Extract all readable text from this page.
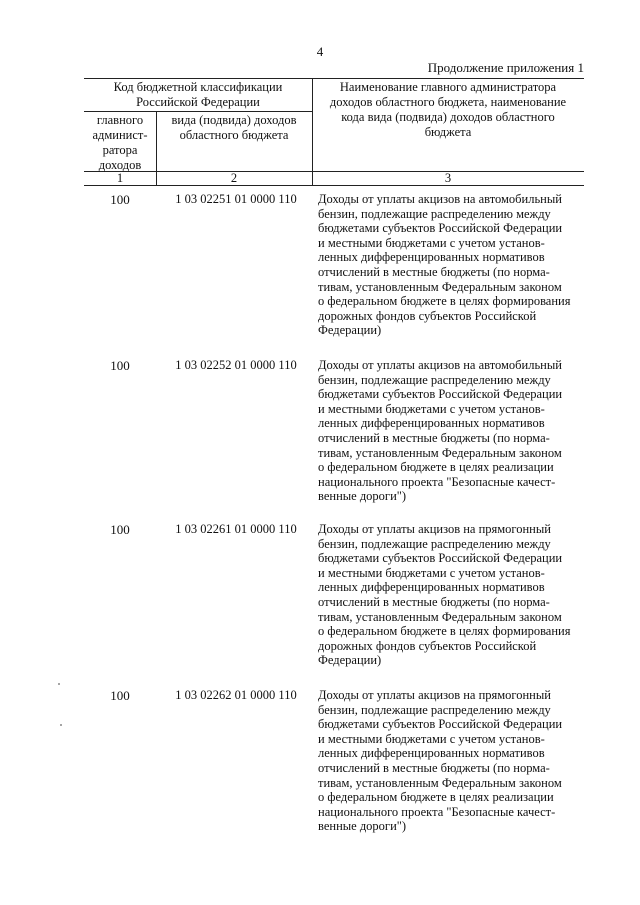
4
Продолжение приложения 1
Код бюджетной классификации
Российской Федерации
главного
админист-
ратора
доходов
вида (подвида) доходов
областного бюджета
Наименование главного администратора
доходов областного бюджета, наименование
кода вида (подвида) доходов областного
бюджета
1	2	3
100	1 03 02251 01 0000 110	Доходы от уплаты акцизов на автомобильный
бензин, подлежащие распределению между
бюджетами субъектов Российской Федерации
и местными бюджетами с учетом установ-
ленных дифференцированных нормативов
отчислений в местные бюджеты (по норма-
тивам, установленным Федеральным законом
о федеральном бюджете в целях формирования
дорожных фондов субъектов Российской
Федерации)
100	1 03 02252 01 0000 110	Доходы от уплаты акцизов на автомобильный
бензин, подлежащие распределению между
бюджетами субъектов Российской Федерации
и местными бюджетами с учетом установ-
ленных дифференцированных нормативов
отчислений в местные бюджеты (по норма-
тивам, установленным Федеральным законом
о федеральном бюджете в целях реализации
национального проекта "Безопасные качест-
венные дороги")
100	1 03 02261 01 0000 110	Доходы от уплаты акцизов на прямогонный
бензин, подлежащие распределению между
бюджетами субъектов Российской Федерации
и местными бюджетами с учетом установ-
ленных дифференцированных нормативов
отчислений в местные бюджеты (по норма-
тивам, установленным Федеральным законом
о федеральном бюджете в целях формирования
дорожных фондов субъектов Российской
Федерации)
100	1 03 02262 01 0000 110	Доходы от уплаты акцизов на прямогонный
бензин, подлежащие распределению между
бюджетами субъектов Российской Федерации
и местными бюджетами с учетом установ-
ленных дифференцированных нормативов
отчислений в местные бюджеты (по норма-
тивам, установленным Федеральным законом
о федеральном бюджете в целях реализации
национального проекта "Безопасные качест-
венные дороги")
